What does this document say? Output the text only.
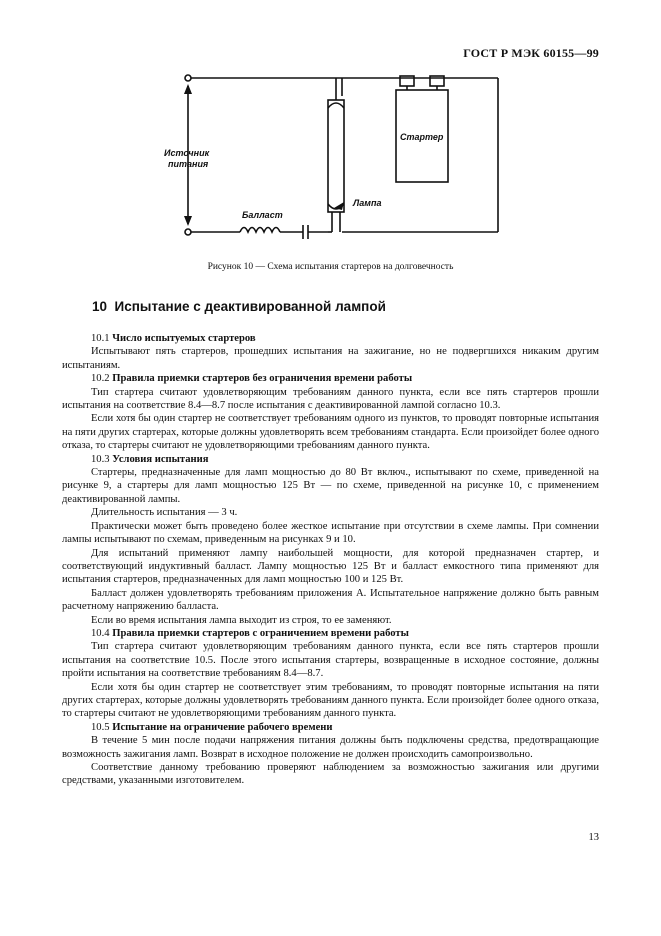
ГОСТ Р МЭК 60155—99
Источник
питания
Стартер
Лампа
Балласт
Рисунок 10 — Схема испытания стартеров на долговечность
10 Испытание с деактивированной лампой

10.1 Число испытуемых стартеров

Испытывают пять стартеров, прошедших испытания на зажигание, но не подвергшихся никаким другим испытаниям.

10.2 Правила приемки стартеров без ограничения времени работы

Тип стартера считают удовлетворяющим требованиям данного пункта, если все пять стартеров прошли испытания на соответствие 8.4—8.7 после испытания с деактивированной лампой согласно 10.3.

Если хотя бы один стартер не соответствует требованиям одного из пунктов, то проводят повторные испытания на пяти других стартерах, которые должны удовлетворять всем требованиям стандарта. Если произойдет более одного отказа, то стартеры считают не удовлетворяющими требованиям данного пункта.

10.3 Условия испытания

Стартеры, предназначенные для ламп мощностью до 80 Вт включ., испытывают по схеме, приведенной на рисунке 9, а стартеры для ламп мощностью 125 Вт — по схеме, приведенной на рисунке 10, с применением деактивированной лампы.

Длительность испытания — 3 ч.

Практически может быть проведено более жесткое испытание при отсутствии в схеме лампы. При сомнении лампы испытывают по схемам, приведенным на рисунках 9 и 10.

Для испытаний применяют лампу наибольшей мощности, для которой предназначен стартер, и соответствующий индуктивный балласт. Лампу мощностью 125 Вт и балласт емкостного типа применяют для испытания стартеров, предназначенных для ламп мощностью 100 и 125 Вт.

Балласт должен удовлетворять требованиям приложения А. Испытательное напряжение должно быть равным расчетному напряжению балласта.

Если во время испытания лампа выходит из строя, то ее заменяют.

10.4 Правила приемки стартеров с ограничением времени работы

Тип стартера считают удовлетворяющим требованиям данного пункта, если все пять стартеров прошли испытания на соответствие 10.5. После этого испытания стартеры, возвращенные в исходное состояние, должны пройти испытания на соответствие требованиям 8.4—8.7.

Если хотя бы один стартер не соответствует этим требованиям, то проводят повторные испытания на пяти других стартерах, которые должны удовлетворять требованиям данного пункта. Если произойдет более одного отказа, то стартеры считают не удовлетворяющими требованиям данного пункта.

10.5 Испытание на ограничение рабочего времени

В течение 5 мин после подачи напряжения питания должны быть подключены средства, предотвращающие возможность зажигания ламп. Возврат в исходное положение не должен происходить самопроизвольно.

Соответствие данному требованию проверяют наблюдением за возможностью зажигания или другими средствами, указанными изготовителем.

13
